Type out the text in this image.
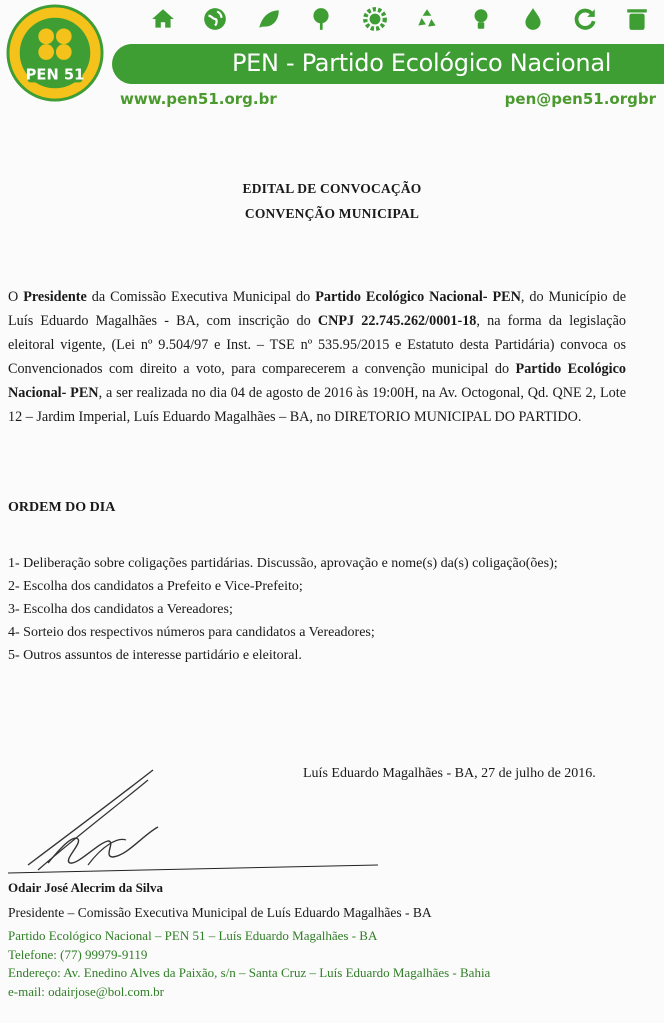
PEN 51	PEN - Partido Ecológico Nacional
www.pen51.org.br	pen@pen51.orgbr
EDITAL DE CONVOCAÇÃO
CONVENÇÃO MUNICIPAL

O Presidente da Comissão Executiva Municipal do Partido Ecológico Nacional- PEN, do Município de Luís Eduardo Magalhães - BA, com inscrição do CNPJ 22.745.262/0001-18, na forma da legislação eleitoral vigente, (Lei nº 9.504/97 e Inst. – TSE nº 535.95/2015 e Estatuto desta Partidária) convoca os Convencionados com direito a voto, para comparecerem a convenção municipal do Partido Ecológico Nacional- PEN, a ser realizada no dia 04 de agosto de 2016 às 19:00H, na Av. Octogonal, Qd. QNE 2, Lote 12 – Jardim Imperial, Luís Eduardo Magalhães – BA, no DIRETORIO MUNICIPAL DO PARTIDO.

ORDEM DO DIA
1- Deliberação sobre coligações partidárias. Discussão, aprovação e nome(s) da(s) coligação(ões);
2- Escolha dos candidatos a Prefeito e Vice-Prefeito;
3- Escolha dos candidatos a Vereadores;
4- Sorteio dos respectivos números para candidatos a Vereadores;
5- Outros assuntos de interesse partidário e eleitoral.
Luís Eduardo Magalhães - BA, 27 de julho de 2016.
Odair José Alecrim da Silva
Presidente – Comissão Executiva Municipal de Luís Eduardo Magalhães - BA
Partido Ecológico Nacional – PEN 51 – Luís Eduardo Magalhães - BA
Telefone: (77) 99979-9119
Endereço: Av. Enedino Alves da Paixão, s/n – Santa Cruz – Luís Eduardo Magalhães - Bahia
e-mail: odairjose@bol.com.br
